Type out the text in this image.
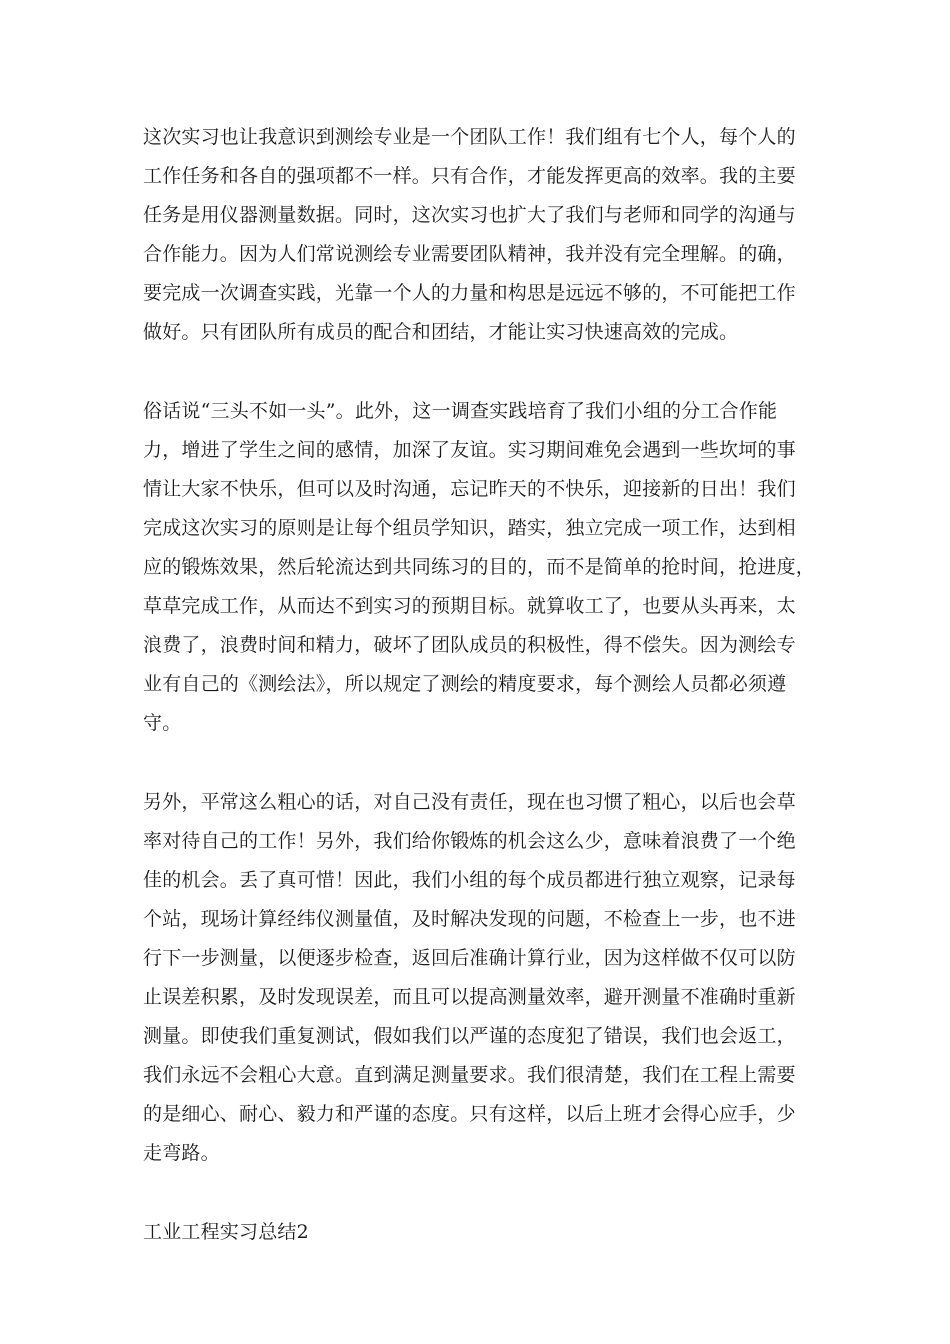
这次实习也让我意识到测绘专业是一个团队工作！我们组有七个人，每个人的
工作任务和各自的强项都不一样。只有合作，才能发挥更高的效率。我的主要
任务是用仪器测量数据。同时，这次实习也扩大了我们与老师和同学的沟通与
合作能力。因为人们常说测绘专业需要团队精神，我并没有完全理解。的确，
要完成一次调查实践，光靠一个人的力量和构思是远远不够的，不可能把工作
做好。只有团队所有成员的配合和团结，才能让实习快速高效的完成。
俗话说“三头不如一头”。此外，这一调查实践培育了我们小组的分工合作能
力，增进了学生之间的感情，加深了友谊。实习期间难免会遇到一些坎坷的事
情让大家不快乐，但可以及时沟通，忘记昨天的不快乐，迎接新的日出！我们
完成这次实习的原则是让每个组员学知识，踏实，独立完成一项工作，达到相
应的锻炼效果，然后轮流达到共同练习的目的，而不是简单的抢时间，抢进度，
草草完成工作，从而达不到实习的预期目标。就算收工了，也要从头再来，太
浪费了，浪费时间和精力，破坏了团队成员的积极性，得不偿失。因为测绘专
业有自己的《测绘法》，所以规定了测绘的精度要求，每个测绘人员都必须遵
守。
另外，平常这么粗心的话，对自己没有责任，现在也习惯了粗心，以后也会草
率对待自己的工作！另外，我们给你锻炼的机会这么少，意味着浪费了一个绝
佳的机会。丢了真可惜！因此，我们小组的每个成员都进行独立观察，记录每
个站，现场计算经纬仪测量值，及时解决发现的问题，不检查上一步，也不进
行下一步测量，以便逐步检查，返回后准确计算行业，因为这样做不仅可以防
止误差积累，及时发现误差，而且可以提高测量效率，避开测量不准确时重新
测量。即使我们重复测试，假如我们以严谨的态度犯了错误，我们也会返工，
我们永远不会粗心大意。直到满足测量要求。我们很清楚，我们在工程上需要
的是细心、耐心、毅力和严谨的态度。只有这样，以后上班才会得心应手，少
走弯路。
工业工程实习总结2
